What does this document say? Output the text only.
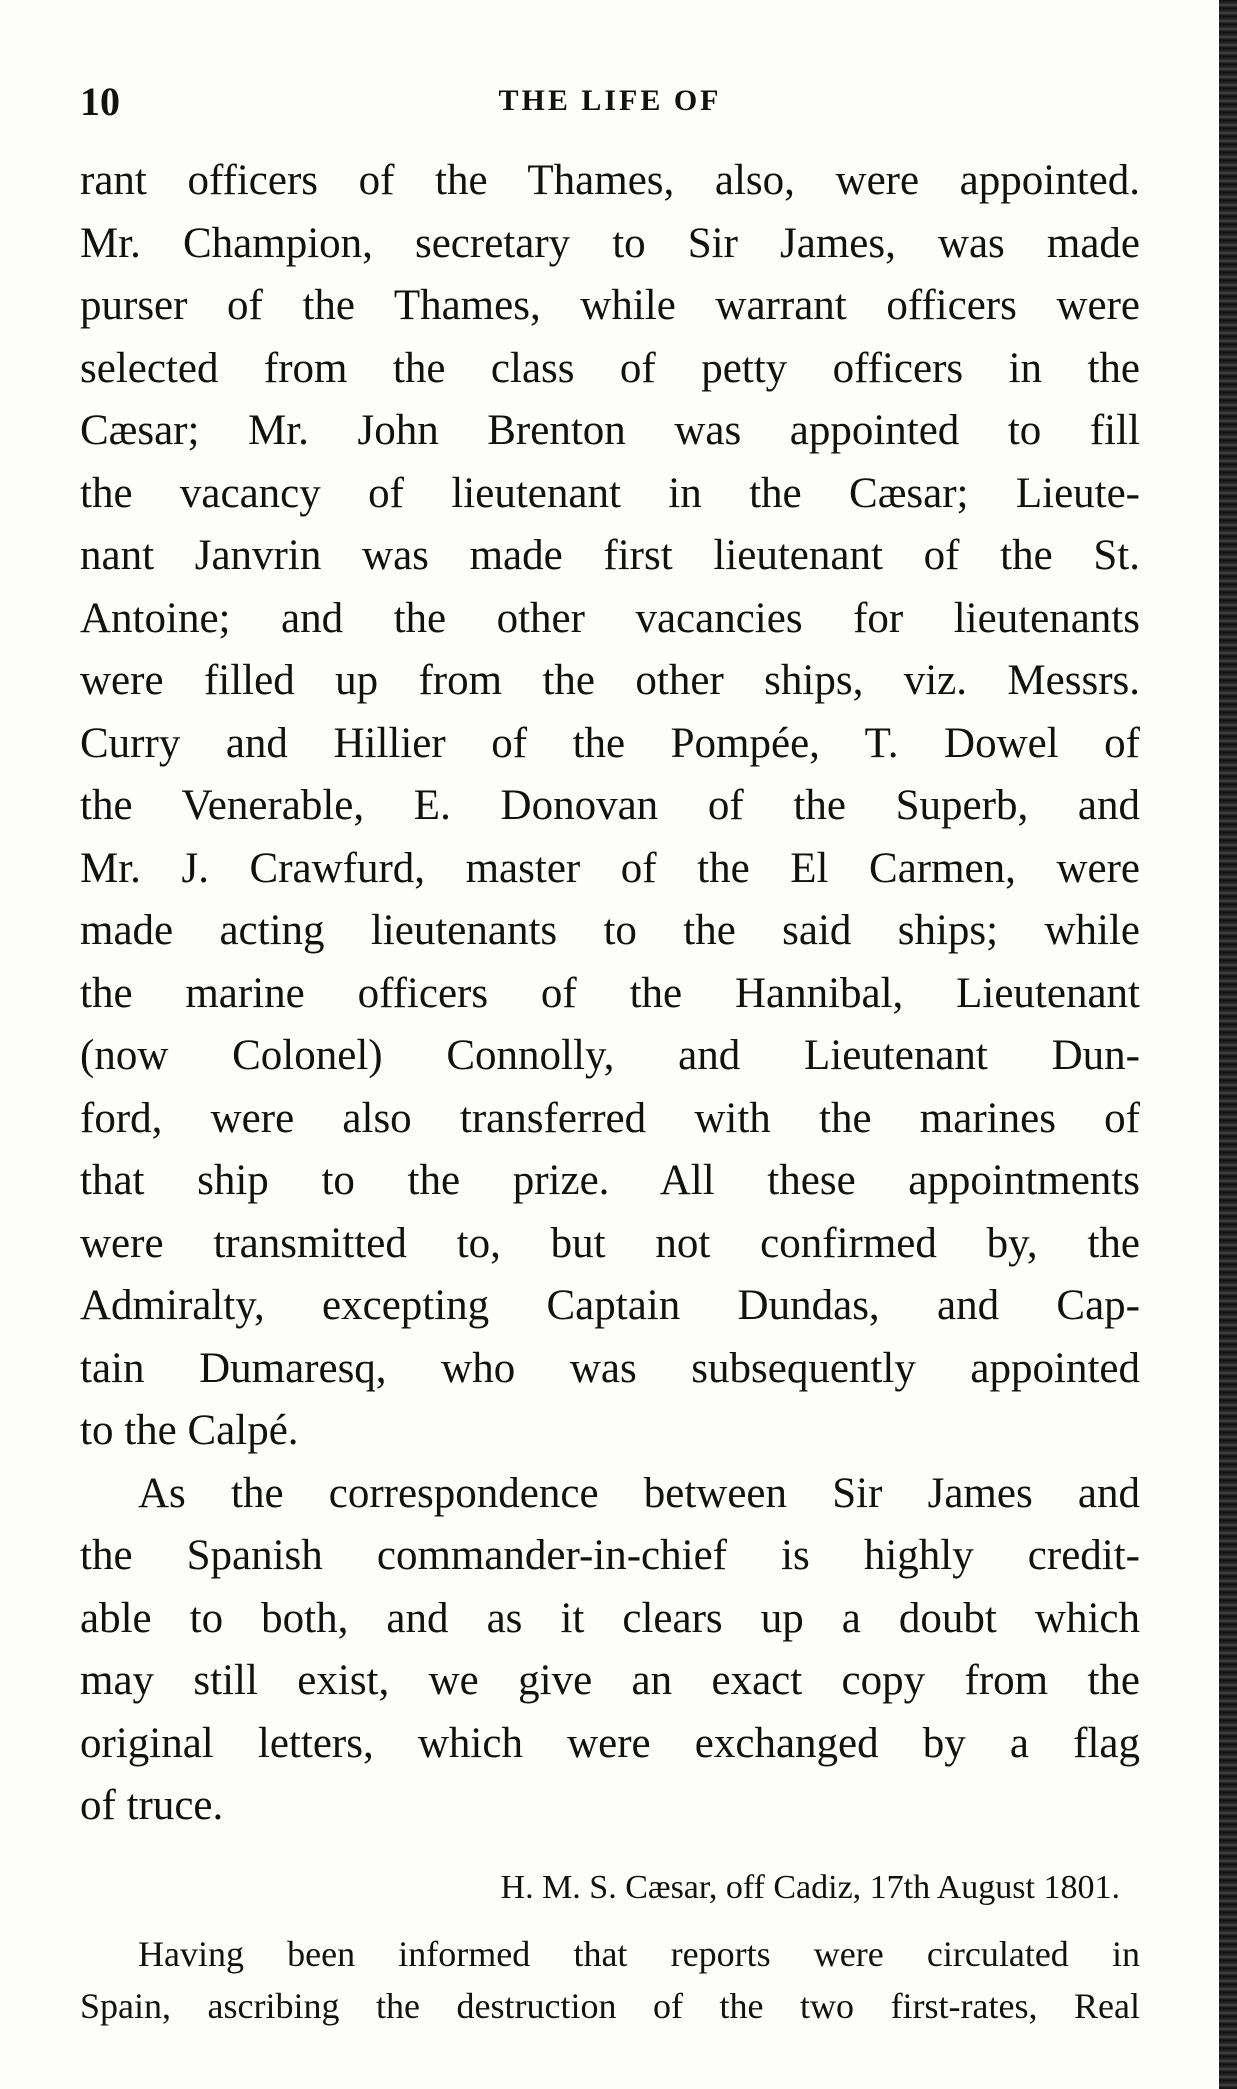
10	THE LIFE OF

rant officers of the Thames, also, were appointed.
Mr. Champion, secretary to Sir James, was made
purser of the Thames, while warrant officers were
selected from the class of petty officers in the
Cæsar; Mr. John Brenton was appointed to fill
the vacancy of lieutenant in the Cæsar; Lieute-
nant Janvrin was made first lieutenant of the St.
Antoine; and the other vacancies for lieutenants
were filled up from the other ships, viz. Messrs.
Curry and Hillier of the Pompée, T. Dowel of
the Venerable, E. Donovan of the Superb, and
Mr. J. Crawfurd, master of the El Carmen, were
made acting lieutenants to the said ships; while
the marine officers of the Hannibal, Lieutenant
(now Colonel) Connolly, and Lieutenant Dun-
ford, were also transferred with the marines of
that ship to the prize. All these appointments
were transmitted to, but not confirmed by, the
Admiralty, excepting Captain Dundas, and Cap-
tain Dumaresq, who was subsequently appointed
to the Calpé.

As the correspondence between Sir James and
the Spanish commander-in-chief is highly credit-
able to both, and as it clears up a doubt which
may still exist, we give an exact copy from the
original letters, which were exchanged by a flag
of truce.

H. M. S. Cæsar, off Cadiz, 17th August 1801.

Having been informed that reports were circulated in
Spain, ascribing the destruction of the two first-rates, Real
